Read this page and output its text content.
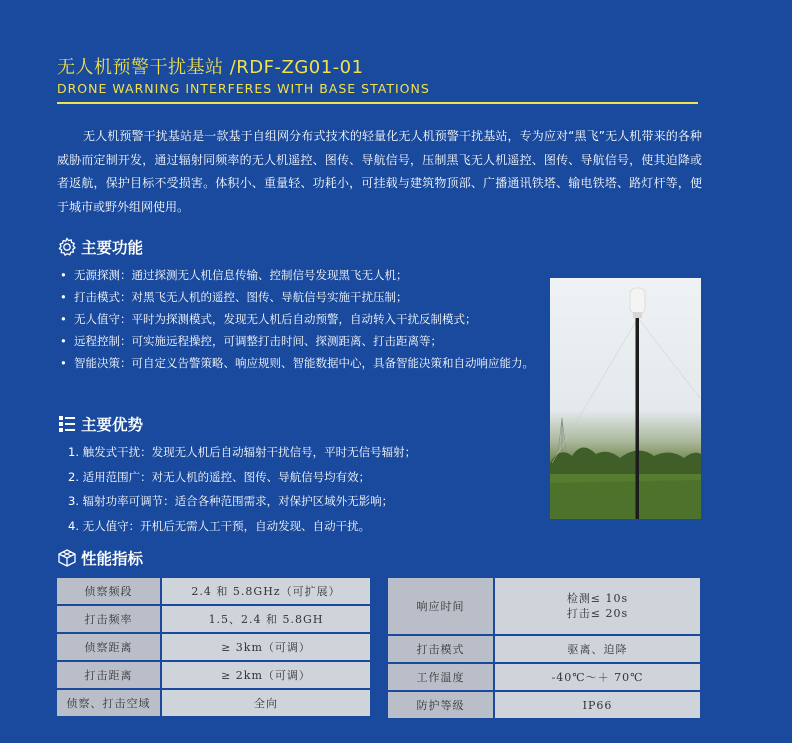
无人机预警干扰基站 /RDF-ZG01-01
DRONE WARNING INTERFERES WITH BASE STATIONS

无人机预警干扰基站是一款基于自组网分布式技术的轻量化无人机预警干扰基站，专为应对“黑飞”无人机带来的各种威胁而定制开发，通过辐射同频率的无人机遥控、图传、导航信号，压制黑飞无人机遥控、图传、导航信号，使其迫降或者返航，保护目标不受损害。体积小、重量轻、功耗小，可挂载与建筑物顶部、广播通讯铁塔、输电铁塔、路灯杆等，便于城市或野外组网使用。

主要功能
• 无源探测：通过探测无人机信息传输、控制信号发现黑飞无人机；
• 打击模式：对黑飞无人机的遥控、图传、导航信号实施干扰压制；
• 无人值守：平时为探测模式，发现无人机后自动预警，自动转入干扰反制模式；
• 远程控制：可实施远程操控，可调整打击时间、探测距离、打击距离等；
• 智能决策：可自定义告警策略、响应规则、智能数据中心，具备智能决策和自动响应能力。
主要优势
1. 触发式干扰：发现无人机后自动辐射干扰信号，平时无信号辐射；
2. 适用范围广：对无人机的遥控、图传、导航信号均有效；
3. 辐射功率可调节：适合各种范围需求，对保护区域外无影响；
4. 无人值守：开机后无需人工干预，自动发现、自动干扰。
性能指标
侦察频段	2.4 和 5.8GHz（可扩展）
打击频率	1.5、2.4 和 5.8GH
侦察距离	≥ 3km（可调）
打击距离	≥ 2km（可调）
侦察、打击空域	全向
响应时间	检测≤ 10s
打击≤ 20s

打击模式	驱离、迫降
工作温度	-40℃～＋ 70℃
防护等级	IP66
